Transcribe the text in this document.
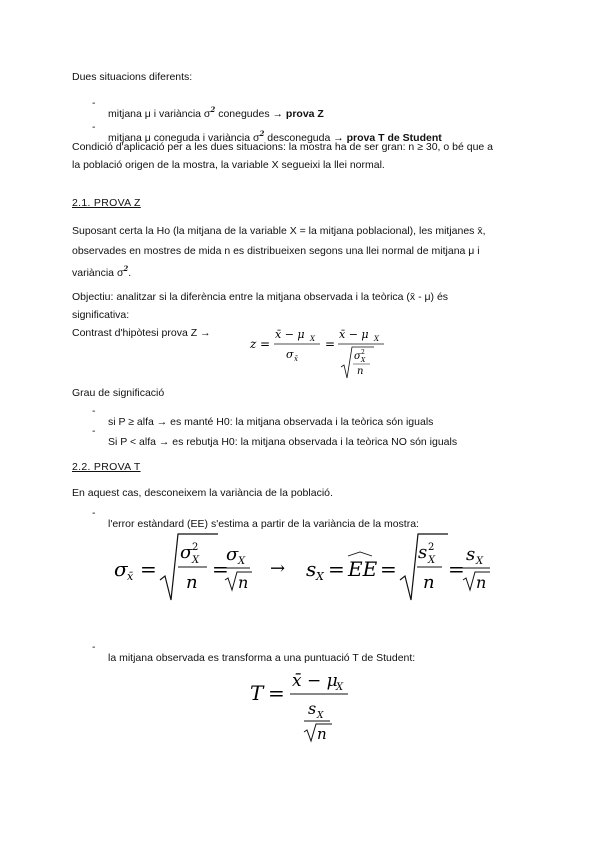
Dues situacions diferents:

-

mitjana μ i variància $\sigma^2$ conegudes → prova Z

-

mitjana μ coneguda i variància $\sigma^2$ desconeguda → prova T de Student

Condició d'aplicació per a les dues situacions: la mostra ha de ser gran: n ≥ 30, o bé que a

la població origen de la mostra, la variable X segueixi la llei normal.

2.1. PROVA Z

Suposant certa la Ho (la mitjana de la variable X = la mitjana poblacional), les mitjanes x̄,

observades en mostres de mida n es distribueixen segons una llei normal de mitjana μ i

variància $\sigma^2$.

Objectiu: analitzar si la diferència entre la mitjana observada i la teòrica (x̄ - μ) és

significativa:

Contrast d'hipòtesi prova Z →

z =
x̄ − μ X
σ x̄
=
x̄ − μ X
σ 2
X
n

Grau de significació

-

si P ≥ alfa → es manté H0: la mitjana observada i la teòrica són iguals

-

Si P < alfa → es rebutja H0: la mitjana observada i la teòrica NO són iguals

2.2. PROVA T

En aquest cas, desconeixem la variància de la població.

-

l'error estàndard (EE) s'estima a partir de la variància de la mostra:

σ x̄ =
σ 2
X
n
=
σ X
n
→ s X = EE =
s 2
X
n
=
s X
n
-

la mitjana observada es transforma a una puntuació T de Student:

T = x̄ − μ
X
s X
n
